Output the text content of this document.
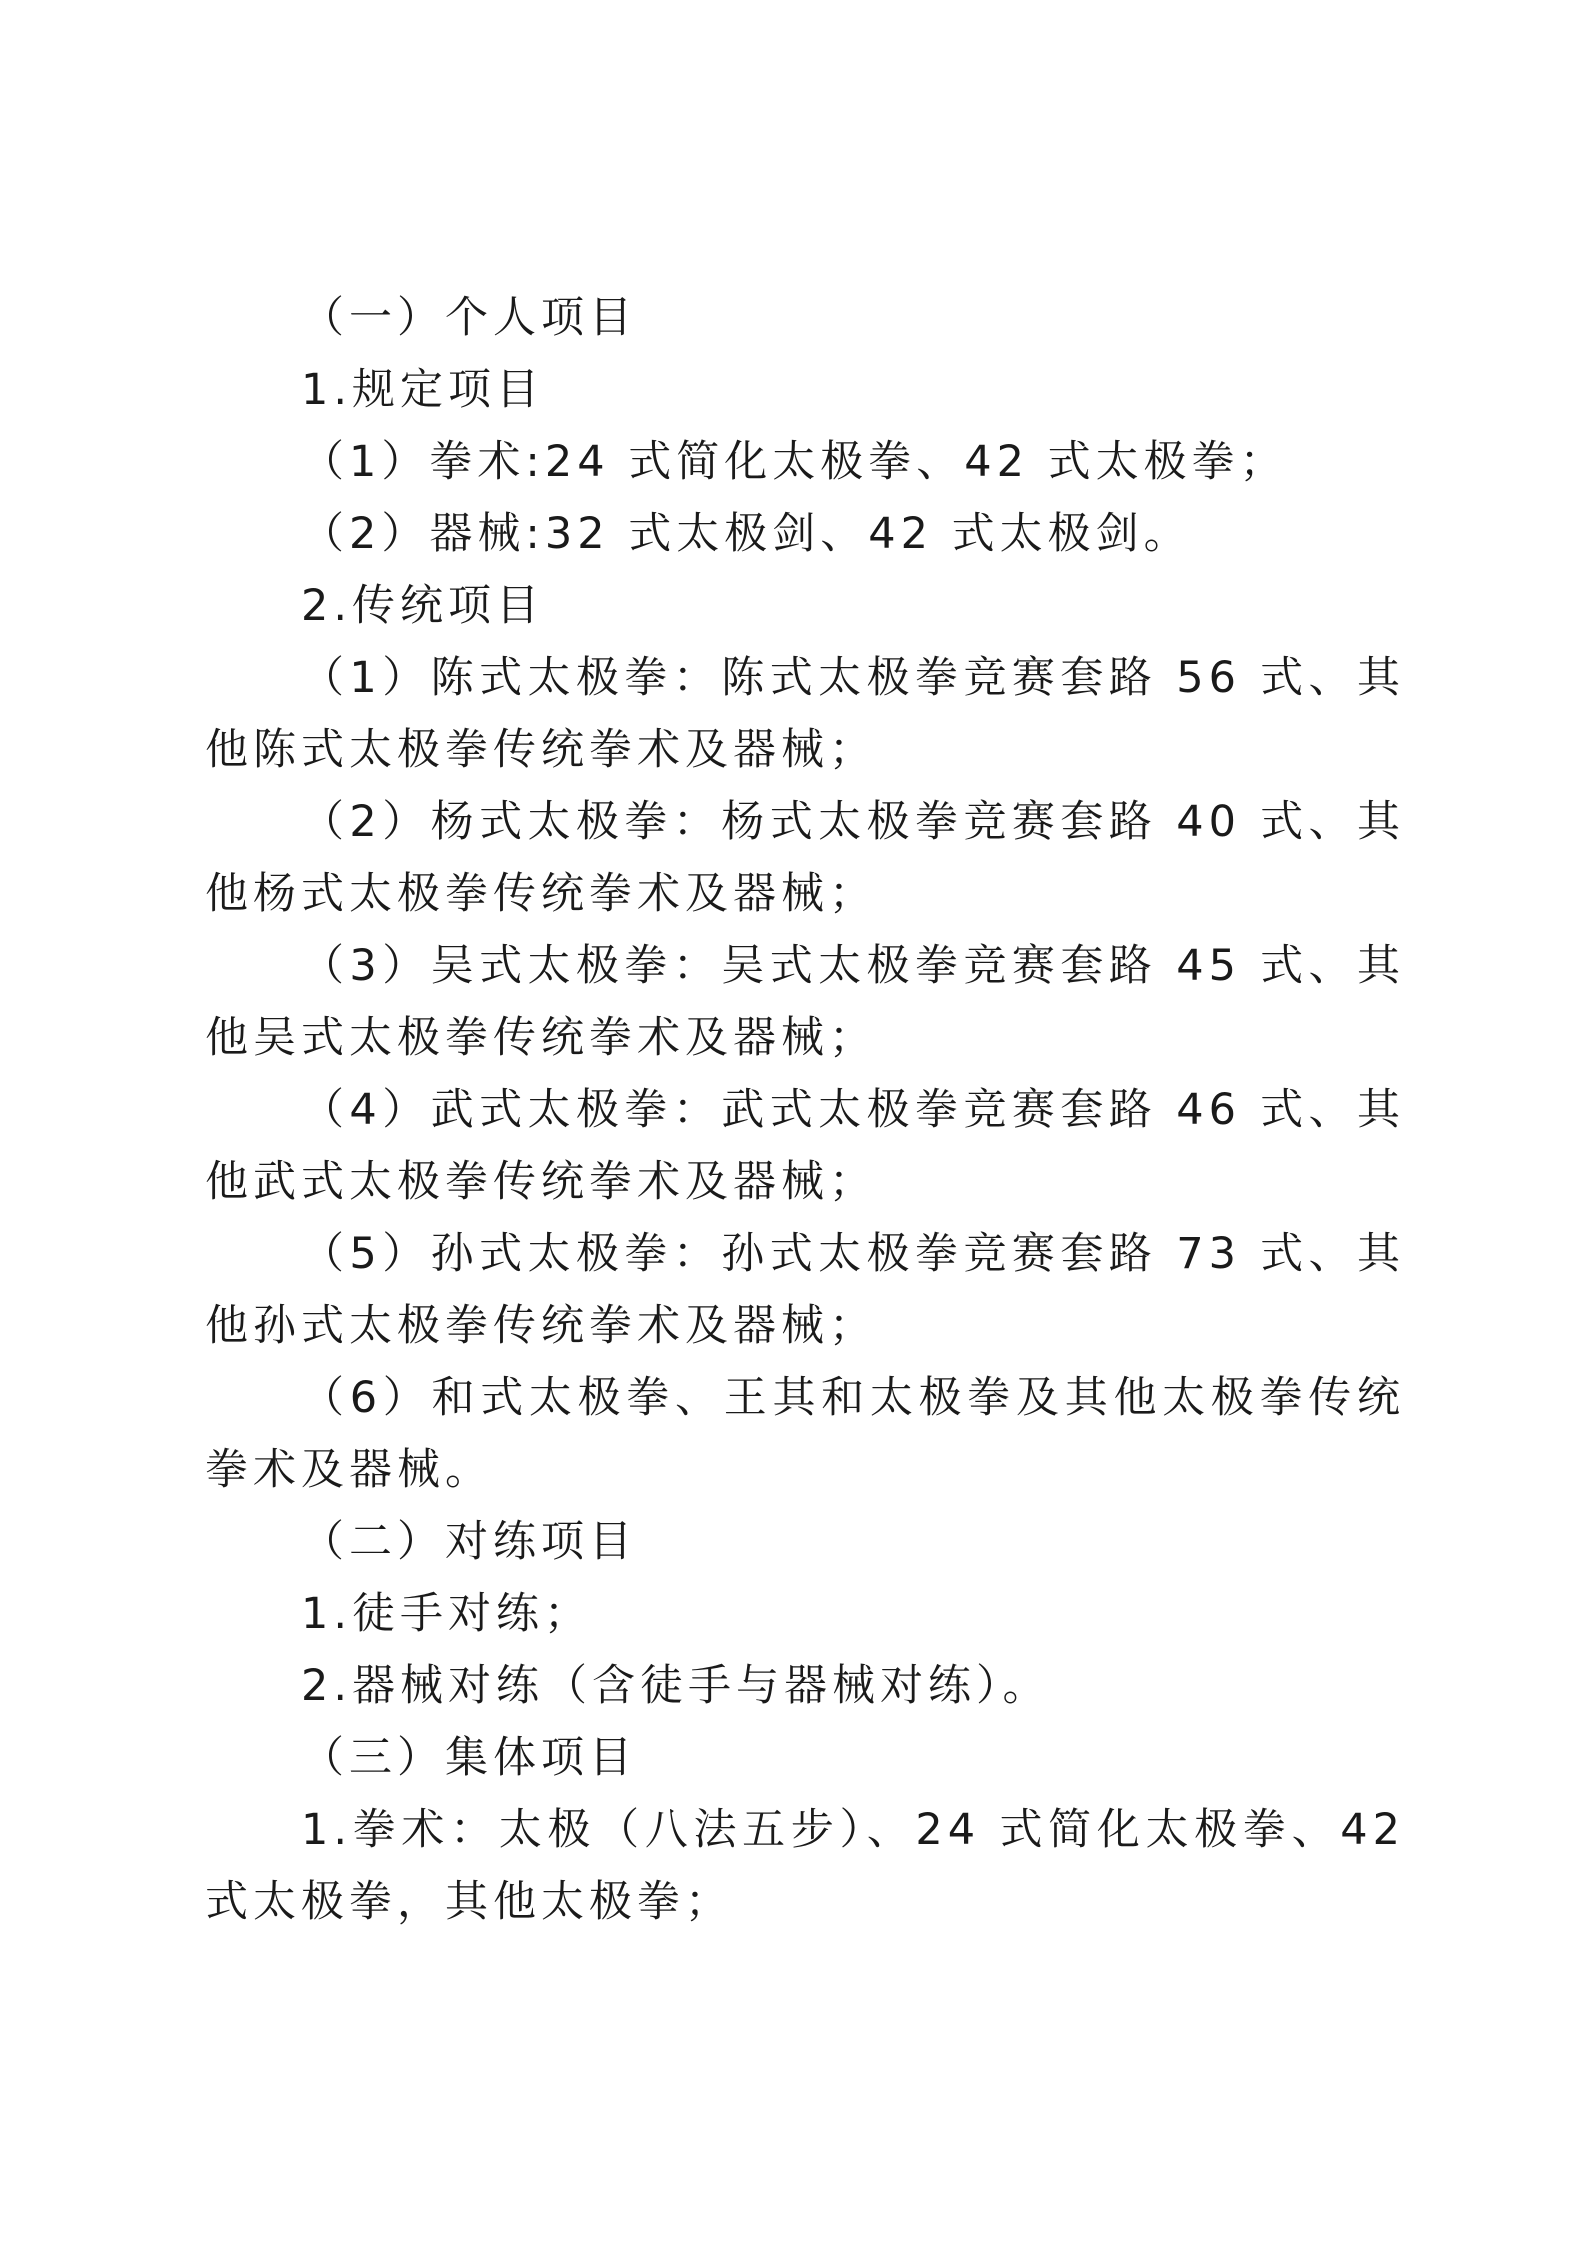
（一）个人项目

1.规定项目

（1）拳术:24 式简化太极拳、42 式太极拳；

（2）器械:32 式太极剑、42 式太极剑。

2.传统项目

（1）陈式太极拳：陈式太极拳竞赛套路 56 式、其他陈式太极拳传统拳术及器械；

（2）杨式太极拳：杨式太极拳竞赛套路 40 式、其他杨式太极拳传统拳术及器械；

（3）吴式太极拳：吴式太极拳竞赛套路 45 式、其他吴式太极拳传统拳术及器械；

（4）武式太极拳：武式太极拳竞赛套路 46 式、其他武式太极拳传统拳术及器械；

（5）孙式太极拳：孙式太极拳竞赛套路 73 式、其他孙式太极拳传统拳术及器械；

（6）和式太极拳、王其和太极拳及其他太极拳传统拳术及器械。

（二）对练项目

1.徒手对练；

2.器械对练（含徒手与器械对练）。

（三）集体项目

1.拳术：太极（八法五步）、24 式简化太极拳、42 式太极拳，其他太极拳；
